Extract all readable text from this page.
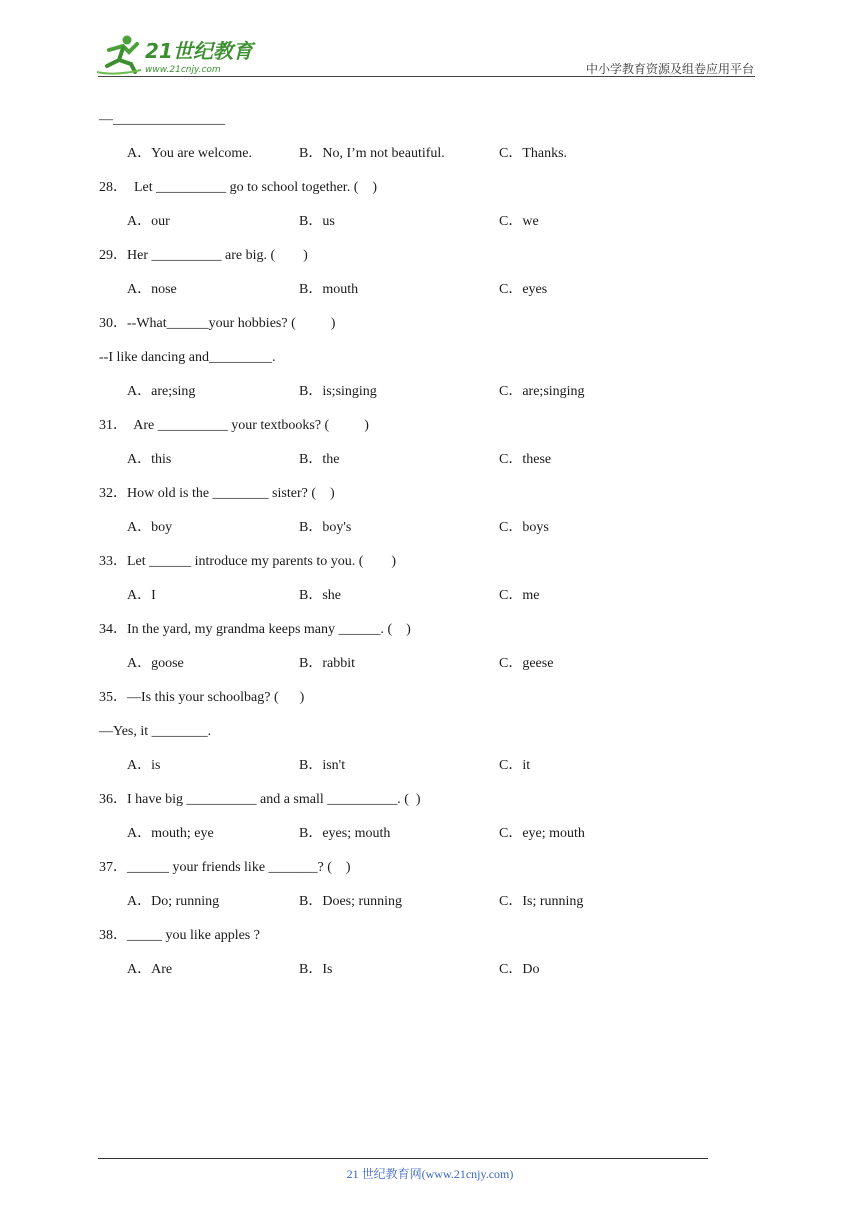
21世纪教育
www.21cnjy.com	中小学教育资源及组卷应用平台
—________________
A．You are welcome.	B．No, I’m not beautiful.	C．Thanks.
28．  Let __________ go to school together. (    )
A．our	B．us	C．we
29．Her __________ are big. (        )
A．nose	B．mouth	C．eyes
30．--What______your hobbies? (          )
--I like dancing and_________.
A．are;sing	B．is;singing	C．are;singing
31．  Are __________ your textbooks? (          )
A．this	B．the	C．these
32．How old is the ________ sister? (    )
A．boy	B．boy's	C．boys
33．Let ______ introduce my parents to you. (        )
A．I	B．she	C．me
34．In the yard, my grandma keeps many ______. (    )
A．goose	B．rabbit	C．geese
35．—Is this your schoolbag? (      )
—Yes, it ________.
A．is	B．isn't	C．it
36．I have big __________ and a small __________. (  )
A．mouth; eye	B．eyes; mouth	C．eye; mouth
37．______ your friends like _______? (    )
A．Do; running	B．Does; running	C．Is; running
38．_____ you like apples ?
A．Are	B．Is	C．Do
21 世纪教育网(www.21cnjy.com)
